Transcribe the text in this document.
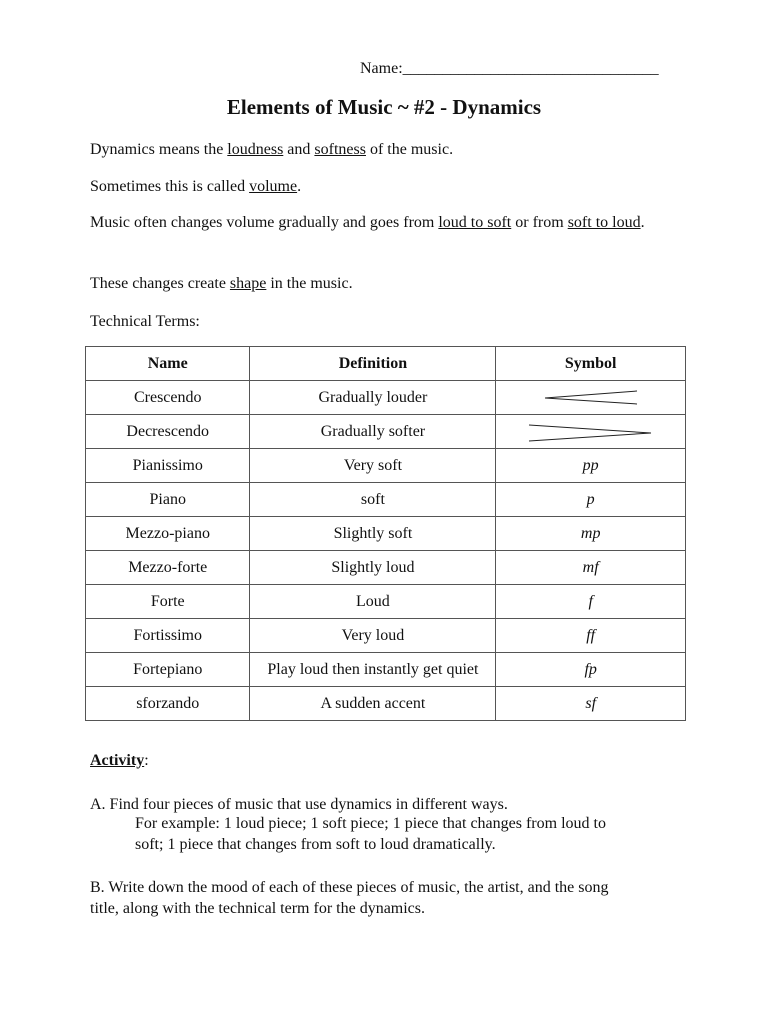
Name:________________________________
Elements of Music ~ #2 - Dynamics
Dynamics means the loudness and softness of the music.
Sometimes this is called volume.
Music often changes volume gradually and goes from loud to soft or from soft to loud.
These changes create shape in the music.
Technical Terms:
Name	Definition	Symbol
Crescendo	Gradually louder	

Decrescendo	Gradually softer	

Pianissimo	Very soft	pp
Piano	soft	p
Mezzo-piano	Slightly soft	mp
Mezzo-forte	Slightly loud	mf
Forte	Loud	f
Fortissimo	Very loud	ff
Fortepiano	Play loud then instantly get quiet	fp
sforzando	A sudden accent	sf
Activity:
A. Find four pieces of music that use dynamics in different ways.
For example: 1 loud piece; 1 soft piece; 1 piece that changes from loud to
soft; 1 piece that changes from soft to loud dramatically.
B. Write down the mood of each of these pieces of music, the artist, and the song
title, along with the technical term for the dynamics.
